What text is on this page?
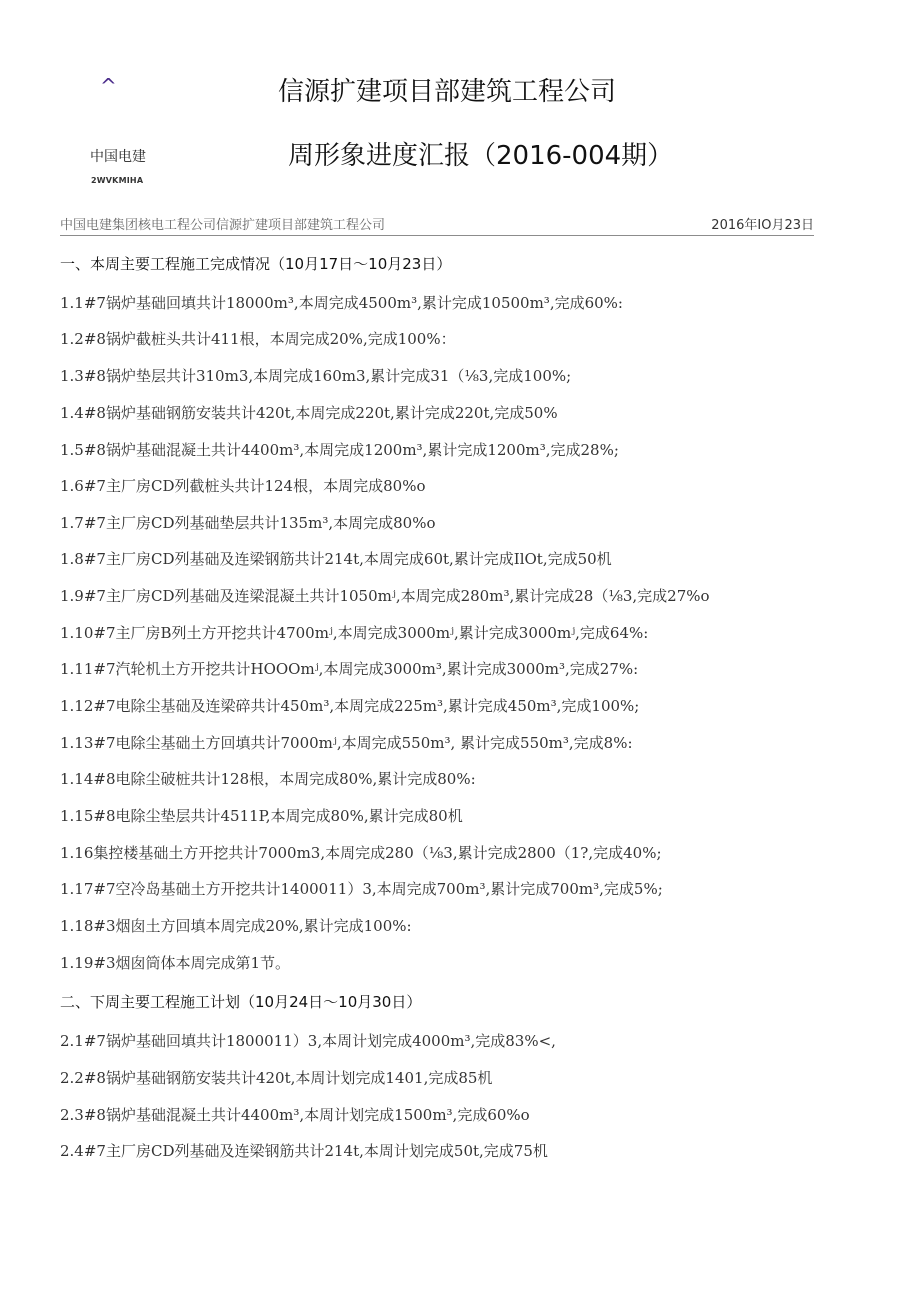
^
中国电建
2WVKMIHA
信源扩建项目部建筑工程公司
周形象进度汇报（2016-004期）
中国电建集团核电工程公司信源扩建项目部建筑工程公司	2016年IO月23日
一、本周主要工程施工完成情况（10月17日〜10月23日）
1.1#7锅炉基础回填共计18000m³,本周完成4500m³,累计完成10500m³,完成60%:
1.2#8锅炉截桩头共计411根，本周完成20%,完成100%：
1.3#8锅炉垫层共计310m3,本周完成160m3,累计完成31（⅛3,完成100%;
1.4#8锅炉基础钢筋安装共计420t,本周完成220t,累计完成220t,完成50%
1.5#8锅炉基础混凝土共计4400m³,本周完成1200m³,累计完成1200m³,完成28%;
1.6#7主厂房CD列截桩头共计124根，本周完成80%o
1.7#7主厂房CD列基础垫层共计135m³,本周完成80%o
1.8#7主厂房CD列基础及连梁钢筋共计214t,本周完成60t,累计完成IlOt,完成50机
1.9#7主厂房CD列基础及连梁混凝土共计1050mʲ,本周完成280m³,累计完成28（⅛3,完成27%o
1.10#7主厂房B列土方开挖共计4700mʲ,本周完成3000mʲ,累计完成3000mʲ,完成64%:
1.11#7汽轮机土方开挖共计HOOOmʲ,本周完成3000m³,累计完成3000m³,完成27%:
1.12#7电除尘基础及连梁碎共计450m³,本周完成225m³,累计完成450m³,完成100%;
1.13#7电除尘基础土方回填共计7000mʲ,本周完成550m³, 累计完成550m³,完成8%:
1.14#8电除尘破桩共计128根，本周完成80%,累计完成80%:
1.15#8电除尘垫层共计4511P,本周完成80%,累计完成80机
1.16集控楼基础土方开挖共计7000m3,本周完成280（⅛3,累计完成2800（1?,完成40%;
1.17#7空冷岛基础土方开挖共计1400011）3,本周完成700m³,累计完成700m³,完成5%;
1.18#3烟囱土方回填本周完成20%,累计完成100%:
1.19#3烟囱筒体本周完成第1节。
二、下周主要工程施工计划（10月24日〜10月30日）
2.1#7锅炉基础回填共计1800011）3,本周计划完成4000m³,完成83%<,
2.2#8锅炉基础钢筋安装共计420t,本周计划完成1401,完成85机
2.3#8锅炉基础混凝土共计4400m³,本周计划完成1500m³,完成60%o
2.4#7主厂房CD列基础及连梁钢筋共计214t,本周计划完成50t,完成75机
